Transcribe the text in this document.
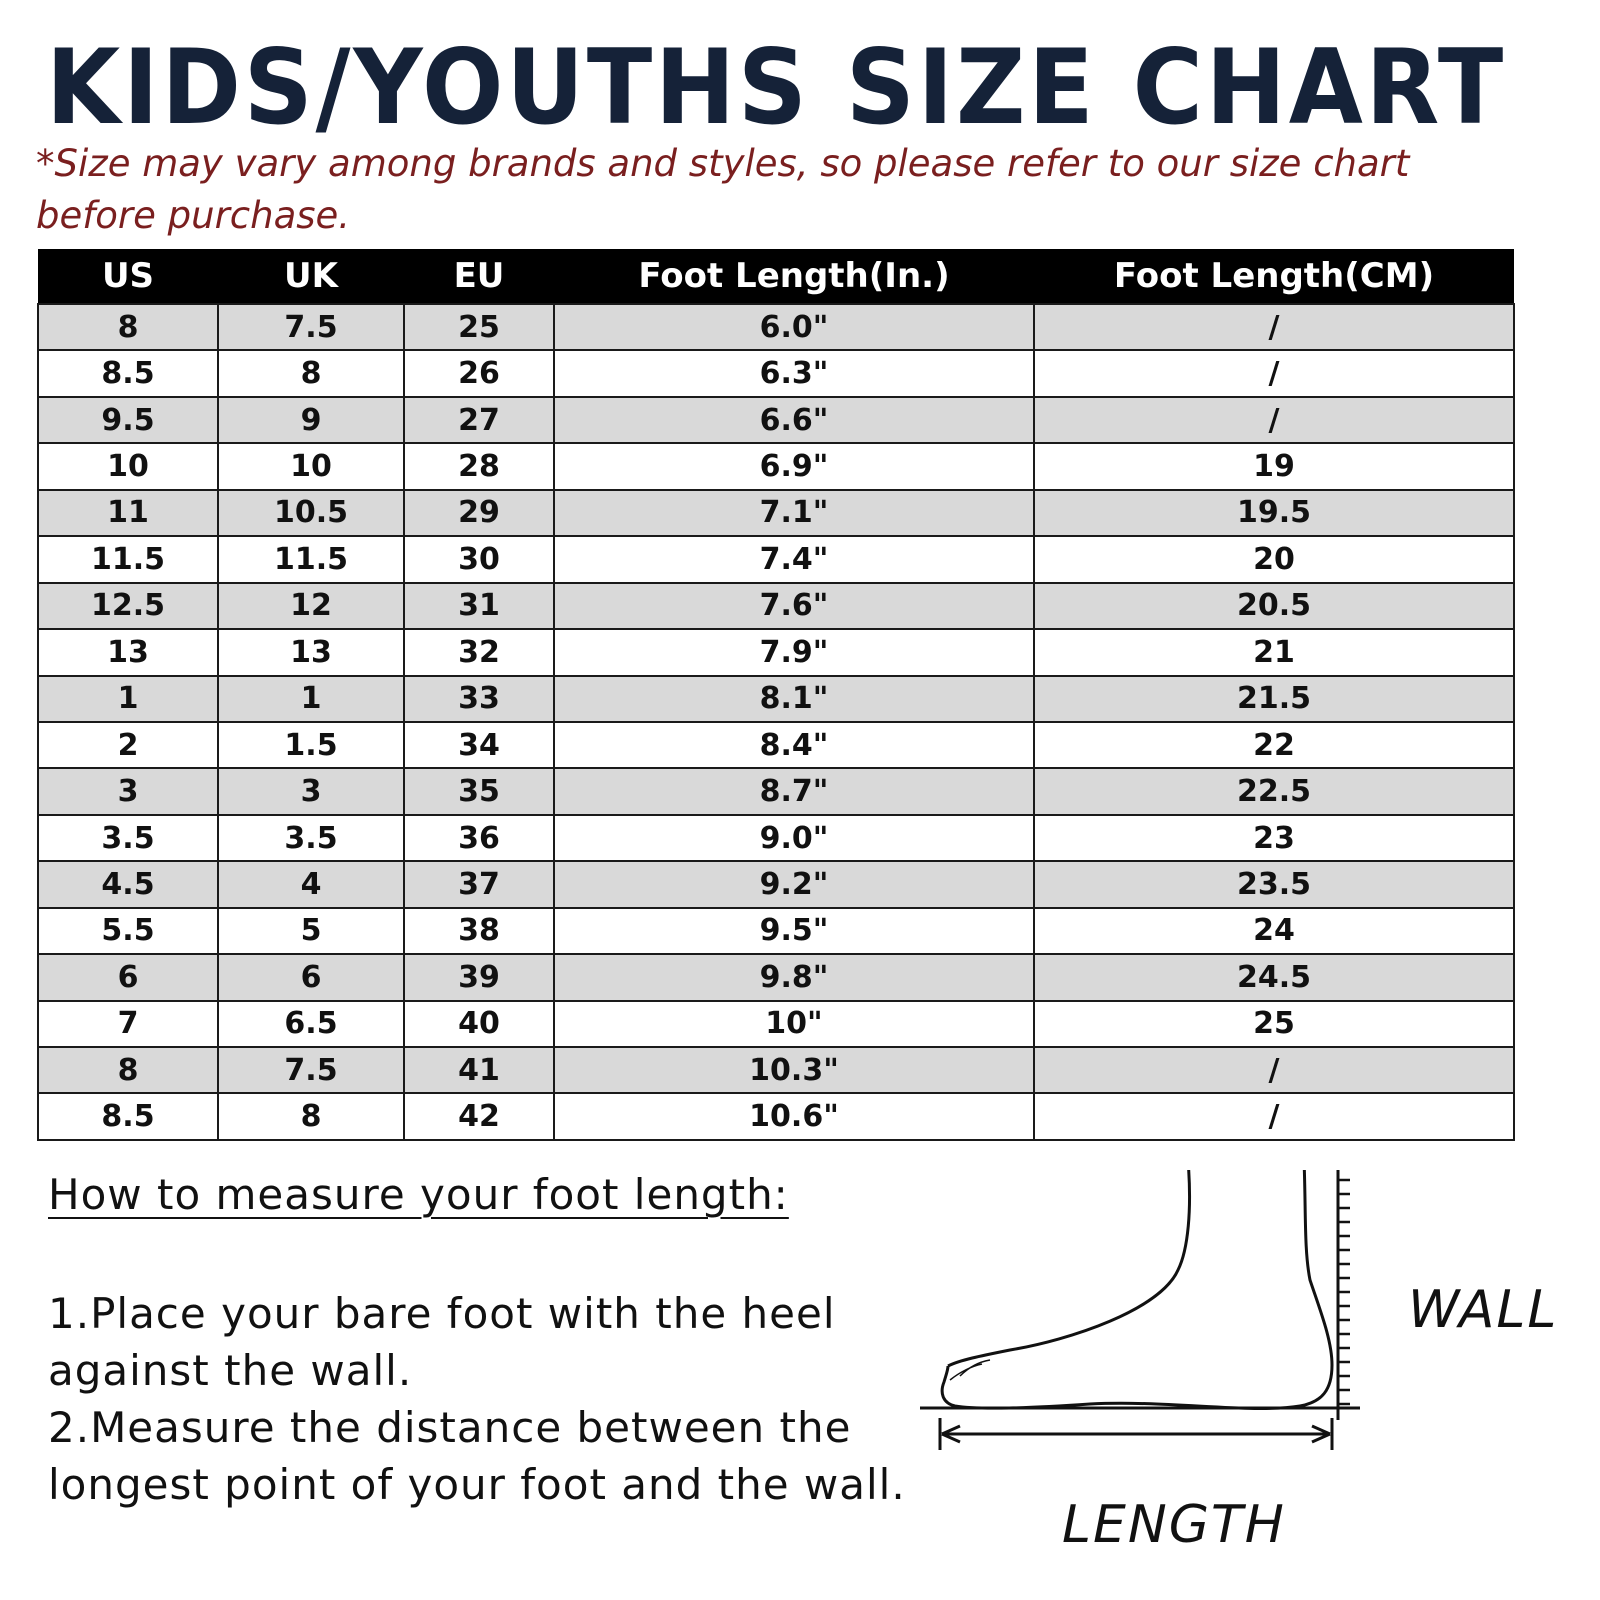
KIDS/YOUTHS SIZE CHART
*Size may vary among brands and styles, so please refer to our size chart before purchase.
US	UK	EU	Foot Length(In.)	Foot Length(CM)
8	7.5	25	6.0"	/
8.5	8	26	6.3"	/
9.5	9	27	6.6"	/
10	10	28	6.9"	19
11	10.5	29	7.1"	19.5
11.5	11.5	30	7.4"	20
12.5	12	31	7.6"	20.5
13	13	32	7.9"	21
1	1	33	8.1"	21.5
2	1.5	34	8.4"	22
3	3	35	8.7"	22.5
3.5	3.5	36	9.0"	23
4.5	4	37	9.2"	23.5
5.5	5	38	9.5"	24
6	6	39	9.8"	24.5
7	6.5	40	10"	25
8	7.5	41	10.3"	/
8.5	8	42	10.6"	/
How to measure your foot length:
1.Place your bare foot with the heel against the wall.
2.Measure the distance between the longest point of your foot and the wall.
WALL
LENGTH
